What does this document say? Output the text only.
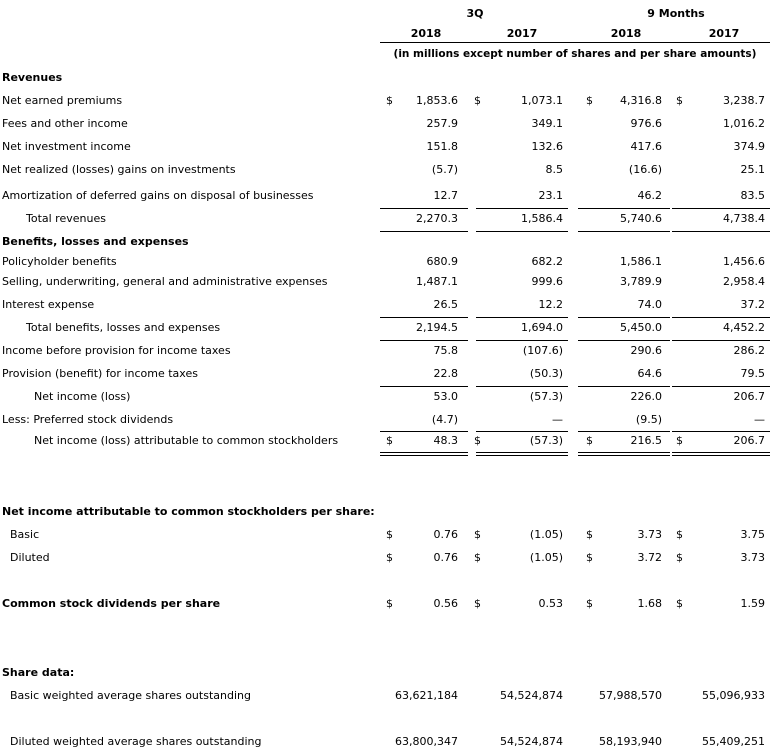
3Q	9 Months
2018	2017	2018	2017
(in millions except number of shares and per share amounts)
Revenues
Net earned premiums	$	1,853.6 $	1,073.1 $	4,316.8 $	3,238.7
Fees and other income	257.9	349.1	976.6	1,016.2
Net investment income	151.8	132.6	417.6	374.9
Net realized (losses) gains on investments	(5.7)	8.5	(16.6)	25.1
Amortization of deferred gains on disposal of businesses	12.7	23.1	46.2	83.5
Total revenues	2,270.3	1,586.4	5,740.6	4,738.4
Benefits, losses and expenses
Policyholder benefits	680.9	682.2	1,586.1	1,456.6
Selling, underwriting, general and administrative expenses	1,487.1	999.6	3,789.9	2,958.4
Interest expense	26.5	12.2	74.0	37.2
Total benefits, losses and expenses	2,194.5	1,694.0	5,450.0	4,452.2
Income before provision for income taxes	75.8	(107.6)	290.6	286.2
Provision (benefit) for income taxes	22.8	(50.3)	64.6	79.5
Net income (loss)	53.0	(57.3)	226.0	206.7
Less: Preferred stock dividends	(4.7)	—	(9.5)	—
Net income (loss) attributable to common stockholders	$	48.3 $	(57.3) $	216.5 $	206.7
Net income attributable to common stockholders per share:
Basic	$	0.76 $	(1.05) $	3.73 $	3.75
Diluted	$	0.76 $	(1.05) $	3.72 $	3.73
Common stock dividends per share	$	0.56 $	0.53 $	1.68 $	1.59
Share data:
Basic weighted average shares outstanding	63,621,184	54,524,874	57,988,570	55,096,933
Diluted weighted average shares outstanding	63,800,347	54,524,874	58,193,940	55,409,251
